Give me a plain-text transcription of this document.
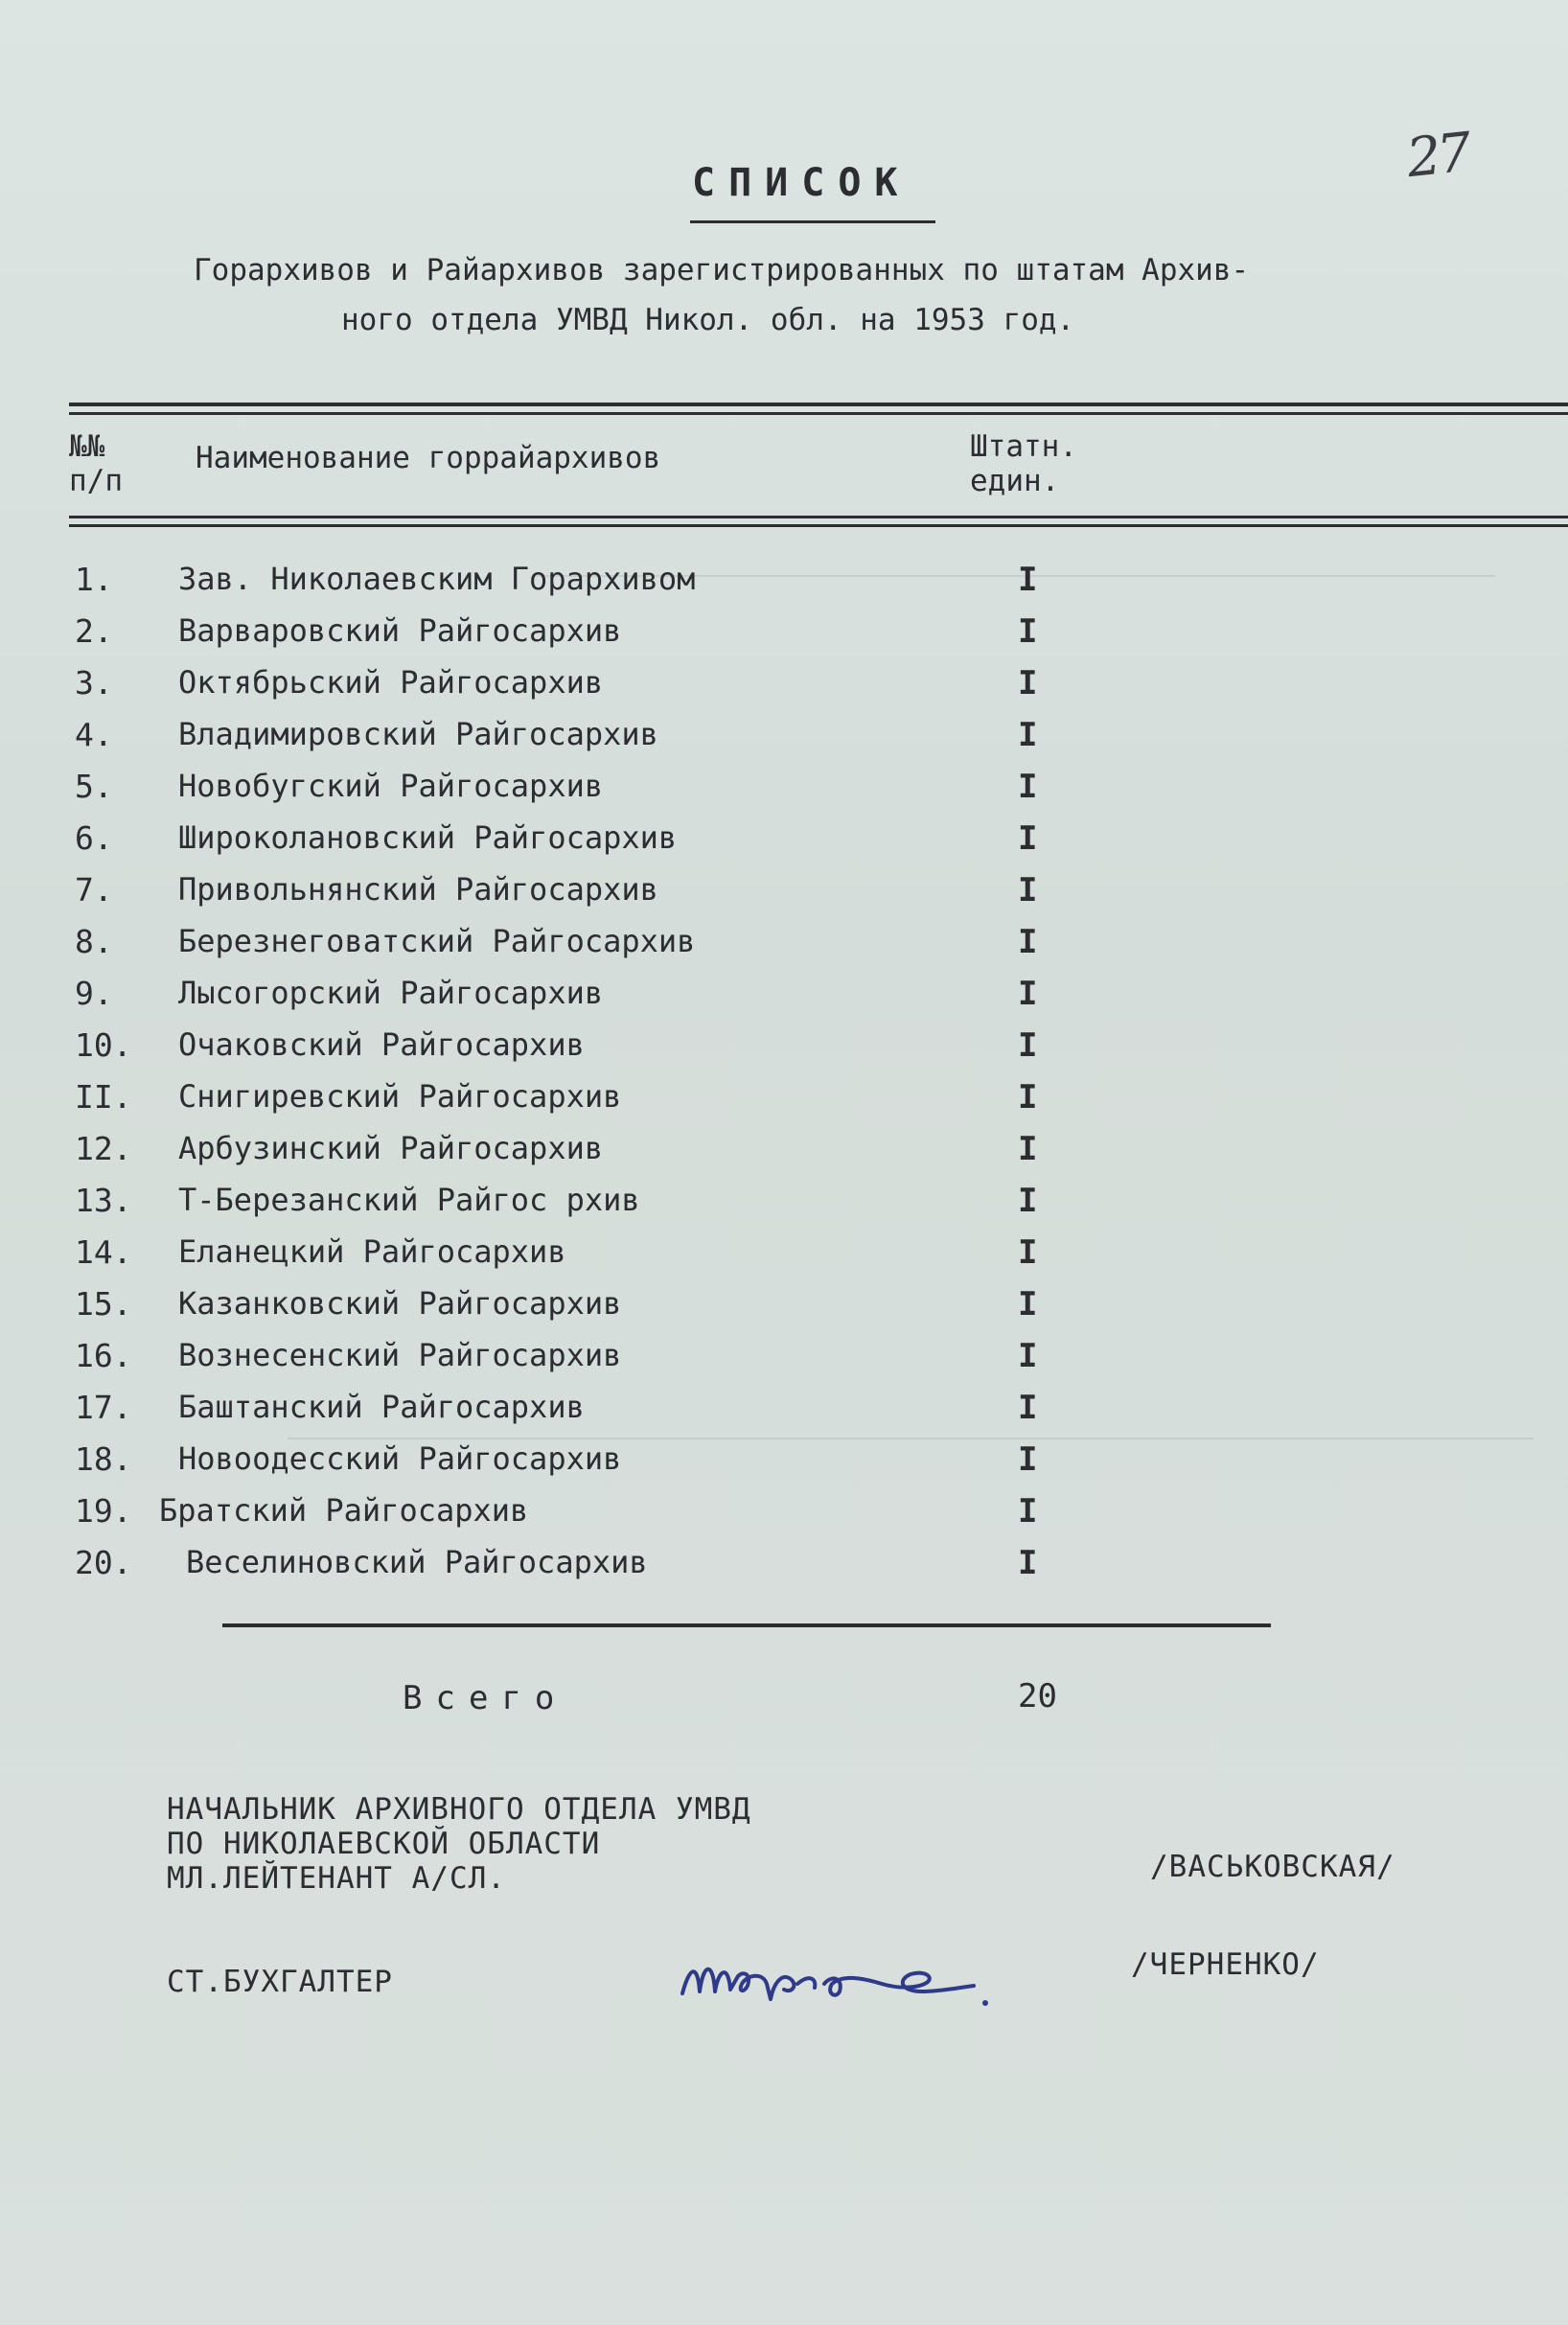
27
СПИСОК
Горархивов и Райархивов зарегистрированных по штатам Архив-
ного отдела УМВД Никол. обл. на 1953 год.
№№
п/п
Наименование горрайархивов	Штатн.
един.
1. Зав. Николаевским Горархивом	I
2. Варваровский Райгосархив	I
3. Октябрьский Райгосархив	I
4. Владимировский Райгосархив	I
5. Новобугский Райгосархив	I
6. Широколановский Райгосархив	I
7. Привольнянский Райгосархив	I
8. Березнеговатский Райгосархив	I
9. Лысогорский Райгосархив	I
10. Очаковский Райгосархив	I
II. Снигиревский Райгосархив	I
12. Арбузинский Райгосархив	I
13. Т-Березанский Райгос рхив	I
14. Еланецкий Райгосархив	I
15. Казанковский Райгосархив	I
16. Вознесенский Райгосархив	I
17. Баштанский Райгосархив	I
18. Новоодесский Райгосархив	I
19. Братский Райгосархив	I
20. Веселиновский Райгосархив	I
Всего	20
НАЧАЛЬНИК АРХИВНОГО ОТДЕЛА УМВД
ПО НИКОЛАЕВСКОЙ ОБЛАСТИ
МЛ.ЛЕЙТЕНАНТ А/СЛ.	/ВАСЬКОВСКАЯ/
СТ.БУХГАЛТЕР	/ЧЕРНЕНКО/
